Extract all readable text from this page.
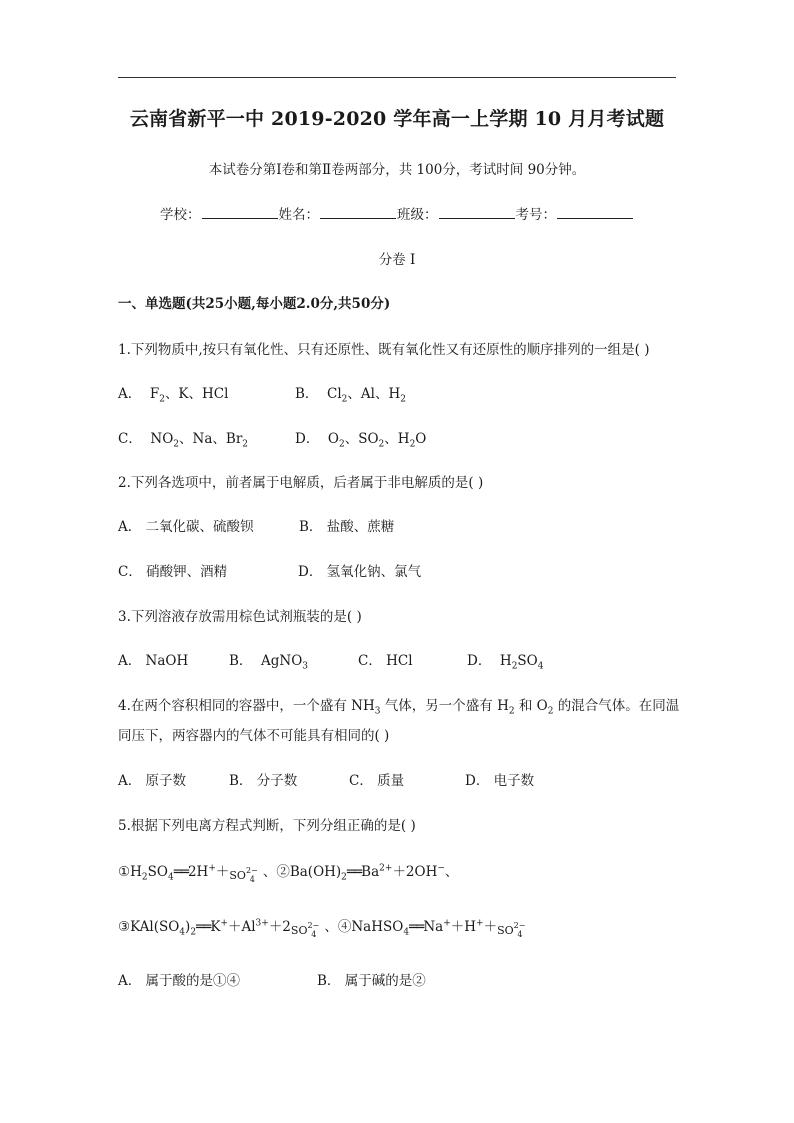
云南省新平一中 2019-2020 学年高一上学期 10 月月考试题
本试卷分第Ⅰ卷和第Ⅱ卷两部分，共 100分，考试时间 90分钟。
学校：	姓名：	班级：	考号：
分卷 I
一、单选题(共25小题,每小题2.0分,共50分)
1.下列物质中,按只有氧化性、只有还原性、既有氧化性又有还原性的顺序排列的一组是( )
A．  $F_2$、K、HCl	B．  $Cl_2$、Al、$H_2$
C．  $NO_2$、Na、$Br_2$	D．  $O_2$、$SO_2$、$H_2O$
2.下列各选项中，前者属于电解质，后者属于非电解质的是( )
A． 二氧化碳、硫酸钡	B． 盐酸、蔗糖
C． 硝酸钾、酒精	D． 氢氧化钠、氯气
3.下列溶液存放需用棕色试剂瓶装的是( )
A． NaOH	B．  AgNO$_3$	C． HCl	D．  $H_2SO_4$
4.在两个容积相同的容器中，一个盛有 $NH_3$ 气体，另一个盛有 $H_2$ 和 $O_2$ 的混合气体。在同温
同压下，两容器内的气体不可能具有相同的( )
A． 原子数	B． 分子数	C． 质量	D． 电子数
5.根据下列电离方程式判断，下列分组正确的是( )
$①H_2SO_4══2H^++SO^{2-}_4$ 、$②Ba(OH)_2══Ba^{2+}+2OH^-$、
$③KAl(SO_4)_2══K^++Al^{3+}+2SO^{2-}_4$ 、$④NaHSO_4══Na^++H^++SO^{2-}_4$
A． 属于酸的是①④	B． 属于碱的是②
